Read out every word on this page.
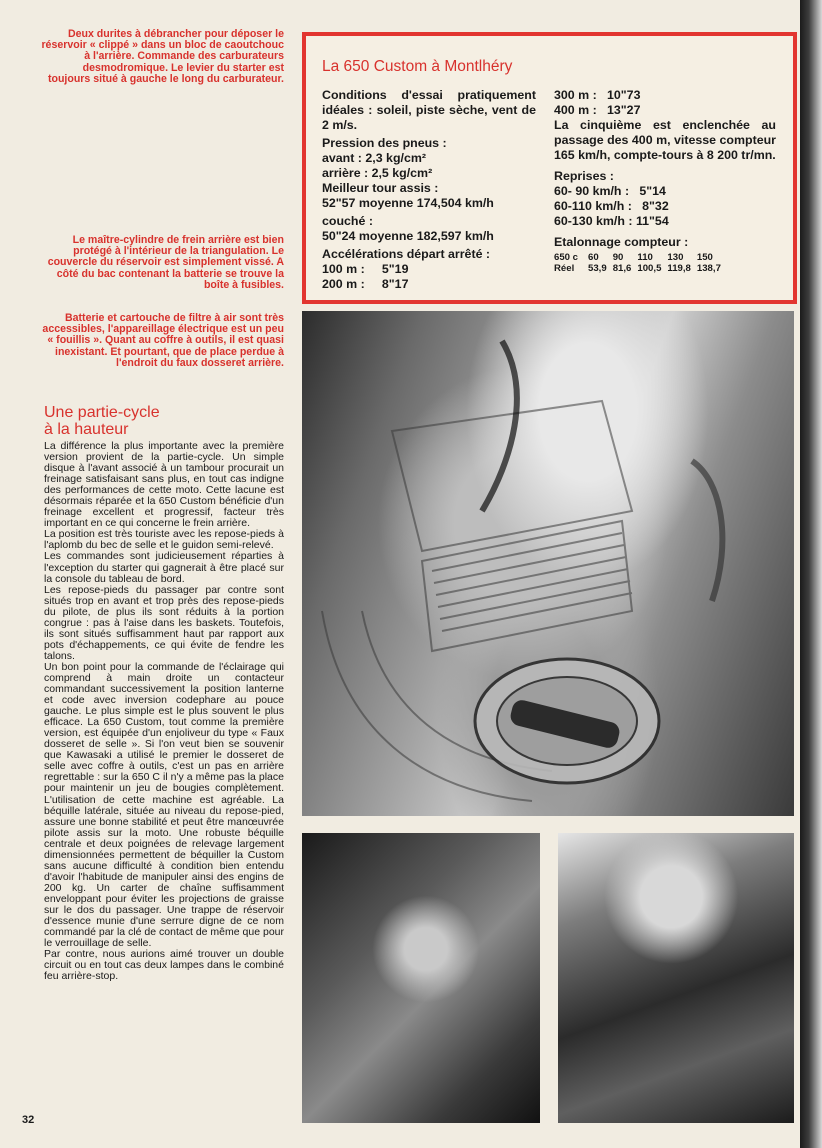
Deux durites à débrancher pour déposer le réservoir « clippé » dans un bloc de caoutchouc à l'arrière. Commande des carburateurs desmodromique. Le levier du starter est toujours situé à gauche le long du carburateur.
Le maître-cylindre de frein arrière est bien protégé à l'intérieur de la triangulation. Le couvercle du réservoir est simplement vissé. A côté du bac contenant la batterie se trouve la boîte à fusibles.
Batterie et cartouche de filtre à air sont très accessibles, l'appareillage électrique est un peu « fouillis ». Quant au coffre à outils, il est quasi inexistant. Et pourtant, que de place perdue à l'endroit du faux dosseret arrière.
Une partie-cycle
à la hauteur

La différence la plus importante avec la première version provient de la partie-cycle. Un simple disque à l'avant associé à un tambour procurait un freinage satisfaisant sans plus, en tout cas indigne des performances de cette moto. Cette lacune est désormais réparée et la 650 Custom bénéficie d'un freinage excellent et progressif, facteur très important en ce qui concerne le frein arrière.

La position est très touriste avec les repose-pieds à l'aplomb du bec de selle et le guidon semi-relevé.

Les commandes sont judicieusement réparties à l'exception du starter qui gagnerait à être placé sur la console du tableau de bord.

Les repose-pieds du passager par contre sont situés trop en avant et trop près des repose-pieds du pilote, de plus ils sont réduits à la portion congrue : pas à l'aise dans les baskets. Toutefois, ils sont situés suffisamment haut par rapport aux pots d'échappements, ce qui évite de fendre les talons.

Un bon point pour la commande de l'éclairage qui comprend à main droite un contacteur commandant successivement la position lanterne et code avec inversion codephare au pouce gauche. Le plus simple est le plus souvent le plus efficace. La 650 Custom, tout comme la première version, est équipée d'un enjoliveur du type « Faux dosseret de selle ». Si l'on veut bien se souvenir que Kawasaki a utilisé le premier le dosseret de selle avec coffre à outils, c'est un pas en arrière regrettable : sur la 650 C il n'y a même pas la place pour maintenir un jeu de bougies complètement. L'utilisation de cette machine est agréable. La béquille latérale, située au niveau du repose-pied, assure une bonne stabilité et peut être manœuvrée pilote assis sur la moto. Une robuste béquille centrale et deux poignées de relevage largement dimensionnées permettent de béquiller la Custom sans aucune difficulté à condition bien entendu d'avoir l'habitude de manipuler ainsi des engins de 200 kg. Un carter de chaîne suffisamment enveloppant pour éviter les projections de graisse sur le dos du passager. Une trappe de réservoir d'essence munie d'une serrure digne de ce nom commandé par la clé de contact de même que pour le verrouillage de selle.

Par contre, nous aurions aimé trouver un double circuit ou en tout cas deux lampes dans le combiné feu arrière-stop.

32
La 650 Custom à Montlhéry
Conditions d'essai pratiquement idéales : soleil, piste sèche, vent de 2 m/s.
Pression des pneus :
avant : 2,3 kg/cm²
arrière : 2,5 kg/cm²
Meilleur tour assis :
52"57 moyenne 174,504 km/h
couché :
50"24 moyenne 182,597 km/h
Accélérations départ arrêté :
100 m :     5"19
200 m :     8"17
300 m :   10"73
400 m :   13"27
La cinquième est enclenchée au passage des 400 m, vitesse compteur 165 km/h, compte-tours à 8 200 tr/mn.
Reprises :
60- 90 km/h :   5"14
60-110 km/h :   8"32
60-130 km/h : 11"54
Etalonnage compteur :
650 c	60	90	110	130	150
Réel	53,9	81,6	100,5	119,8	138,7
